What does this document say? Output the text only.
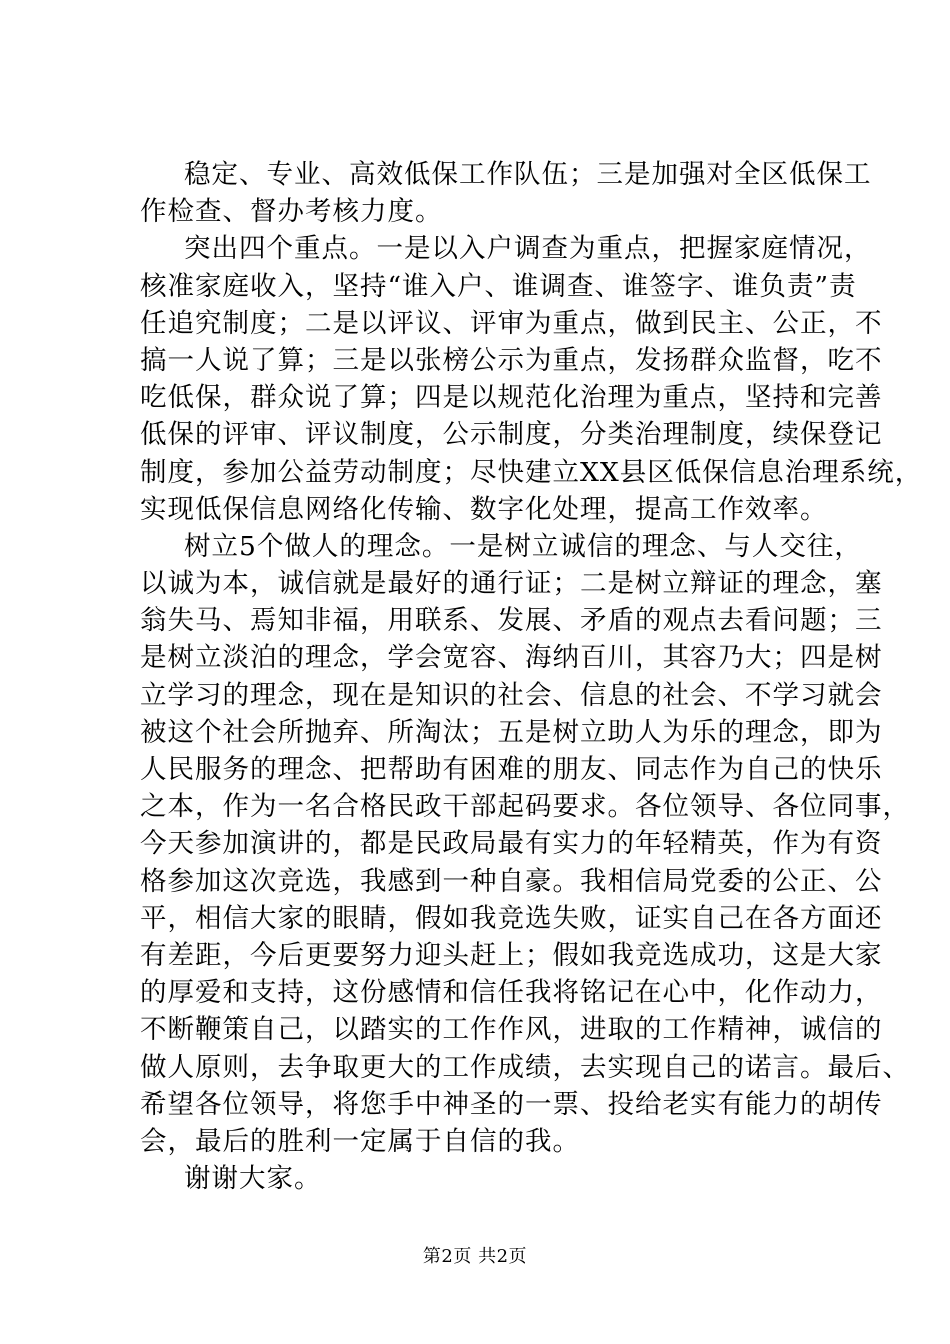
稳定、专业、高效低保工作队伍；三是加强对全区低保工
作检查、督办考核力度。
突出四个重点。一是以入户调查为重点，把握家庭情况，
核准家庭收入，坚持“谁入户、谁调查、谁签字、谁负责”责
任追究制度；二是以评议、评审为重点，做到民主、公正，不
搞一人说了算；三是以张榜公示为重点，发扬群众监督，吃不
吃低保，群众说了算；四是以规范化治理为重点，坚持和完善
低保的评审、评议制度，公示制度，分类治理制度，续保登记
制度，参加公益劳动制度；尽快建立XX县区低保信息治理系统，
实现低保信息网络化传输、数字化处理，提高工作效率。
树立5个做人的理念。一是树立诚信的理念、与人交往，
以诚为本，诚信就是最好的通行证；二是树立辩证的理念，塞
翁失马、焉知非福，用联系、发展、矛盾的观点去看问题；三
是树立淡泊的理念，学会宽容、海纳百川，其容乃大；四是树
立学习的理念，现在是知识的社会、信息的社会、不学习就会
被这个社会所抛弃、所淘汰；五是树立助人为乐的理念，即为
人民服务的理念、把帮助有困难的朋友、同志作为自己的快乐
之本，作为一名合格民政干部起码要求。各位领导、各位同事，
今天参加演讲的，都是民政局最有实力的年轻精英，作为有资
格参加这次竞选，我感到一种自豪。我相信局党委的公正、公
平，相信大家的眼睛，假如我竞选失败，证实自己在各方面还
有差距，今后更要努力迎头赶上；假如我竞选成功，这是大家
的厚爱和支持，这份感情和信任我将铭记在心中，化作动力，
不断鞭策自己，以踏实的工作作风，进取的工作精神，诚信的
做人原则，去争取更大的工作成绩，去实现自己的诺言。最后、
希望各位领导，将您手中神圣的一票、投给老实有能力的胡传
会，最后的胜利一定属于自信的我。
谢谢大家。
第2页 共2页
